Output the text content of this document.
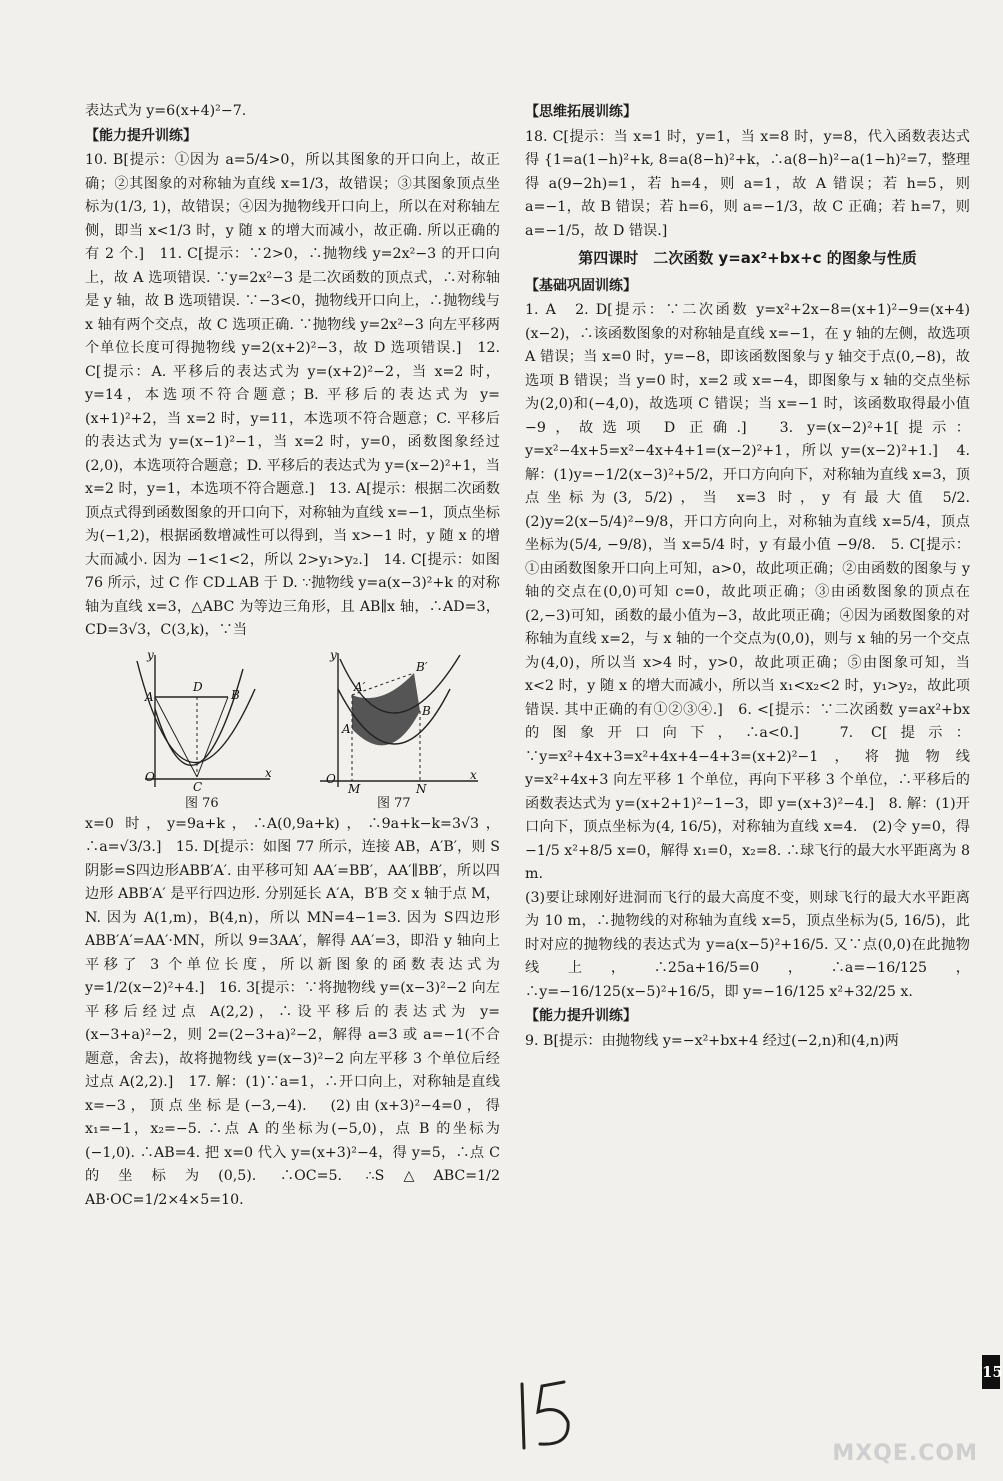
表达式为 y=6(x+4)²−7.

【能力提升训练】

10. B[提示：①因为 a=5/4>0，所以其图象的开口向上，故正确；②其图象的对称轴为直线 x=1/3，故错误；③其图象顶点坐标为(1/3, 1)，故错误；④因为抛物线开口向上，所以在对称轴左侧，即当 x<1/3 时，y 随 x 的增大而减小，故正确. 所以正确的有 2 个.]　11. C[提示：∵2>0，∴抛物线 y=2x²−3 的开口向上，故 A 选项错误. ∵y=2x²−3 是二次函数的顶点式，∴对称轴是 y 轴，故 B 选项错误. ∵−3<0，抛物线开口向上，∴抛物线与 x 轴有两个交点，故 C 选项正确. ∵抛物线 y=2x²−3 向左平移两个单位长度可得抛物线 y=2(x+2)²−3，故 D 选项错误.]　12. C[提示：A. 平移后的表达式为 y=(x+2)²−2，当 x=2 时，y=14，本选项不符合题意；B. 平移后的表达式为 y=(x+1)²+2，当 x=2 时，y=11，本选项不符合题意；C. 平移后的表达式为 y=(x−1)²−1，当 x=2 时，y=0，函数图象经过(2,0)，本选项符合题意；D. 平移后的表达式为 y=(x−2)²+1，当 x=2 时，y=1，本选项不符合题意.]　13. A[提示：根据二次函数顶点式得到函数图象的开口向下，对称轴为直线 x=−1，顶点坐标为(−1,2)，根据函数增减性可以得到，当 x>−1 时，y 随 x 的增大而减小. 因为 −1<1<2，所以 2>y₁>y₂.]　14. C[提示：如图 76 所示，过 C 作 CD⊥AB 于 D. ∵抛物线 y=a(x−3)²+k 的对称轴为直线 x=3，△ABC 为等边三角形，且 AB∥x 轴，∴AD=3，CD=3√3，C(3,k)，∵当

y
x
O
A	B
D
C
图 76
y
x
O
A′
B′
A
B
M	N
图 77

x=0 时，y=9a+k，∴A(0,9a+k)，∴9a+k−k=3√3，∴a=√3/3.]　15. D[提示：如图 77 所示，连接 AB，A′B′，则 S阴影=S四边形ABB′A′. 由平移可知 AA′=BB′，AA′∥BB′，所以四边形 ABB′A′ 是平行四边形. 分别延长 A′A，B′B 交 x 轴于点 M，N. 因为 A(1,m)，B(4,n)，所以 MN=4−1=3. 因为 S四边形ABB′A′=AA′·MN，所以 9=3AA′，解得 AA′=3，即沿 y 轴向上平移了 3 个单位长度，所以新图象的函数表达式为 y=1/2(x−2)²+4.]　16. 3[提示：∵将抛物线 y=(x−3)²−2 向左平移后经过点 A(2,2)，∴设平移后的表达式为 y=(x−3+a)²−2，则 2=(2−3+a)²−2，解得 a=3 或 a=−1(不合题意，舍去)，故将抛物线 y=(x−3)²−2 向左平移 3 个单位后经过点 A(2,2).]　17. 解：(1)∵a=1，∴开口向上，对称轴是直线 x=−3，顶点坐标是(−3,−4).　(2)由(x+3)²−4=0，得 x₁=−1，x₂=−5. ∴点 A 的坐标为(−5,0)，点 B 的坐标为(−1,0). ∴AB=4. 把 x=0 代入 y=(x+3)²−4，得 y=5，∴点 C 的坐标为(0,5). ∴OC=5. ∴S△ABC=1/2 AB·OC=1/2×4×5=10.

【思维拓展训练】

18. C[提示：当 x=1 时，y=1，当 x=8 时，y=8，代入函数表达式得 {1=a(1−h)²+k, 8=a(8−h)²+k，∴a(8−h)²−a(1−h)²=7，整理得 a(9−2h)=1，若 h=4，则 a=1，故 A 错误；若 h=5，则 a=−1，故 B 错误；若 h=6，则 a=−1/3，故 C 正确；若 h=7，则 a=−1/5，故 D 错误.]

第四课时　二次函数 y=ax²+bx+c 的图象与性质
【基础巩固训练】

1. A　2. D[提示：∵二次函数 y=x²+2x−8=(x+1)²−9=(x+4)(x−2)，∴该函数图象的对称轴是直线 x=−1，在 y 轴的左侧，故选项 A 错误；当 x=0 时，y=−8，即该函数图象与 y 轴交于点(0,−8)，故选项 B 错误；当 y=0 时，x=2 或 x=−4，即图象与 x 轴的交点坐标为(2,0)和(−4,0)，故选项 C 错误；当 x=−1 时，该函数取得最小值−9，故选项 D 正确.]　3. y=(x−2)²+1[提示：y=x²−4x+5=x²−4x+4+1=(x−2)²+1，所以 y=(x−2)²+1.]　4. 解：(1)y=−1/2(x−3)²+5/2，开口方向向下，对称轴为直线 x=3，顶点坐标为(3, 5/2)，当 x=3 时，y 有最大值 5/2.　(2)y=2(x−5/4)²−9/8，开口方向向上，对称轴为直线 x=5/4，顶点坐标为(5/4, −9/8)，当 x=5/4 时，y 有最小值 −9/8.　5. C[提示：①由函数图象开口向上可知，a>0，故此项正确；②由函数的图象与 y 轴的交点在(0,0)可知 c=0，故此项正确；③由函数图象的顶点在(2,−3)可知，函数的最小值为−3，故此项正确；④因为函数图象的对称轴为直线 x=2，与 x 轴的一个交点为(0,0)，则与 x 轴的另一个交点为(4,0)，所以当 x>4 时，y>0，故此项正确；⑤由图象可知，当 x<2 时，y 随 x 的增大而减小，所以当 x₁<x₂<2 时，y₁>y₂，故此项错误. 其中正确的有①②③④.]　6. <[提示：∵二次函数 y=ax²+bx 的图象开口向下，∴a<0.]　7. C[提示：∵y=x²+4x+3=x²+4x+4−4+3=(x+2)²−1，将抛物线 y=x²+4x+3 向左平移 1 个单位，再向下平移 3 个单位，∴平移后的函数表达式为 y=(x+2+1)²−1−3，即 y=(x+3)²−4.]　8. 解：(1)开口向下，顶点坐标为(4, 16/5)，对称轴为直线 x=4.　(2)令 y=0，得 −1/5 x²+8/5 x=0，解得 x₁=0，x₂=8. ∴球飞行的最大水平距离为 8 m.

(3)要让球刚好进洞而飞行的最大高度不变，则球飞行的最大水平距离为 10 m，∴抛物线的对称轴为直线 x=5，顶点坐标为(5, 16/5)，此时对应的抛物线的表达式为 y=a(x−5)²+16/5. 又∵点(0,0)在此抛物线上，∴25a+16/5=0，∴a=−16/125，∴y=−16/125(x−5)²+16/5，即 y=−16/125 x²+32/25 x.

【能力提升训练】

9. B[提示：由抛物线 y=−x²+bx+4 经过(−2,n)和(4,n)两

15
MXQE.COM
